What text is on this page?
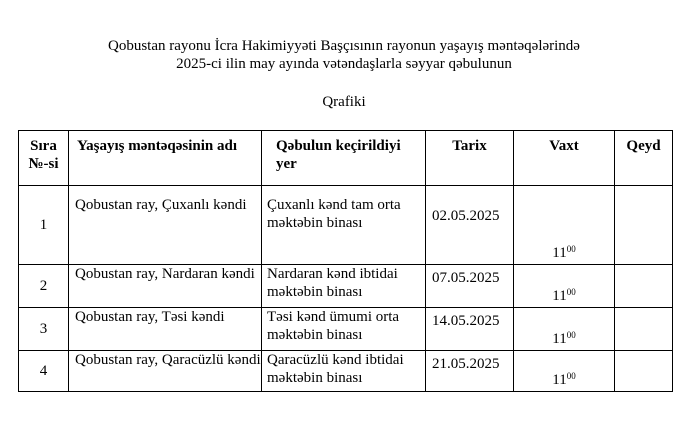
Qobustan rayonu İcra Hakimiyyəti Başçısının rayonun yaşayış məntəqələrində
2025-ci ilin may ayında vətəndaşlarla səyyar qəbulunun
Qrafiki
Sıra №-si	Yaşayış məntəqəsinin adı	Qəbulun keçirildiyi yer	Tarix	Vaxt	Qeyd
1	Qobustan ray, Çuxanlı kəndi	Çuxanlı kənd tam orta məktəbin binası	02.05.2025	$11^{00}$	
2	Qobustan ray, Nardaran kəndi	Nardaran kənd ibtidai məktəbin binası	07.05.2025	$11^{00}$	
3	Qobustan ray, Təsi kəndi	Təsi kənd ümumi orta məktəbin binası	14.05.2025	$11^{00}$	
4	Qobustan ray, Qaracüzlü kəndi	Qaracüzlü kənd ibtidai məktəbin binası	21.05.2025	$11^{00}$	
